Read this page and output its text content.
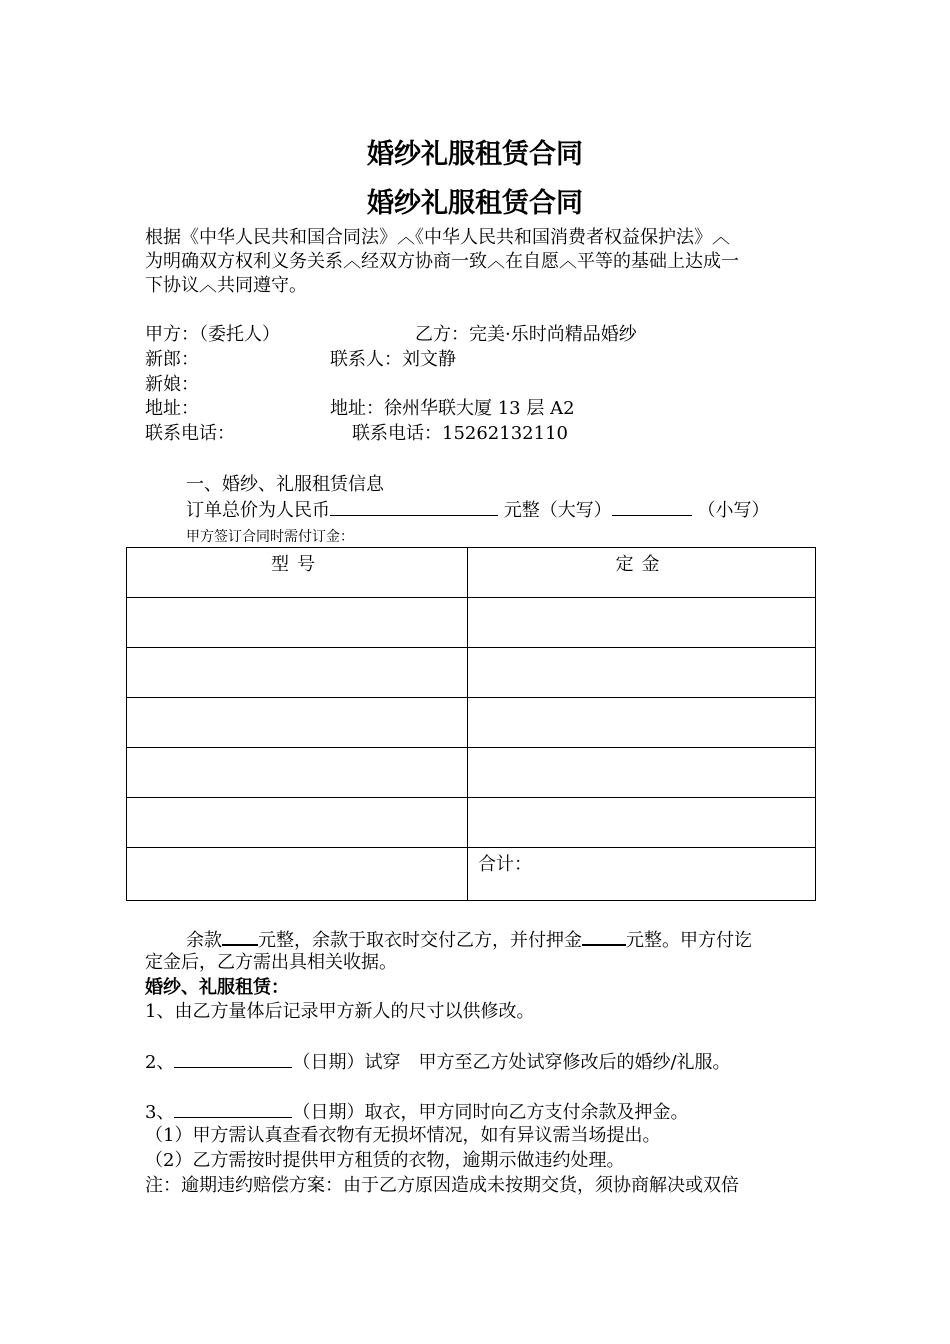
婚纱礼服租赁合同
婚纱礼服租赁合同
根据《中华人民共和国合同法》︿《中华人民共和国消费者权益保护法》︿
为明确双方权利义务关系︿经双方协商一致︿在自愿︿平等的基础上达成一
下协议︿共同遵守。
甲方：（委托人）	乙方：完美·乐时尚精品婚纱
新郎：	联系人：刘文静
新娘：
地址：	地址：徐州华联大厦 13 层 A2
联系电话：	联系电话：15262132110
一、婚纱、礼服租赁信息
订单总价为人民币	元整（大写）	（小写）
甲方签订合同时需付订金：
型号	定金

	合计：
余款 元整，余款于取衣时交付乙方，并付押金 元整。甲方付讫
定金后，乙方需出具相关收据。
婚纱、礼服租赁：
1、由乙方量体后记录甲方新人的尺寸以供修改。
2、	（日期）试穿　甲方至乙方处试穿修改后的婚纱/礼服。
3、	（日期）取衣，甲方同时向乙方支付余款及押金。
（1）甲方需认真查看衣物有无损坏情况，如有异议需当场提出。
（2）乙方需按时提供甲方租赁的衣物，逾期示做违约处理。
注：逾期违约赔偿方案：由于乙方原因造成未按期交货，须协商解决或双倍
